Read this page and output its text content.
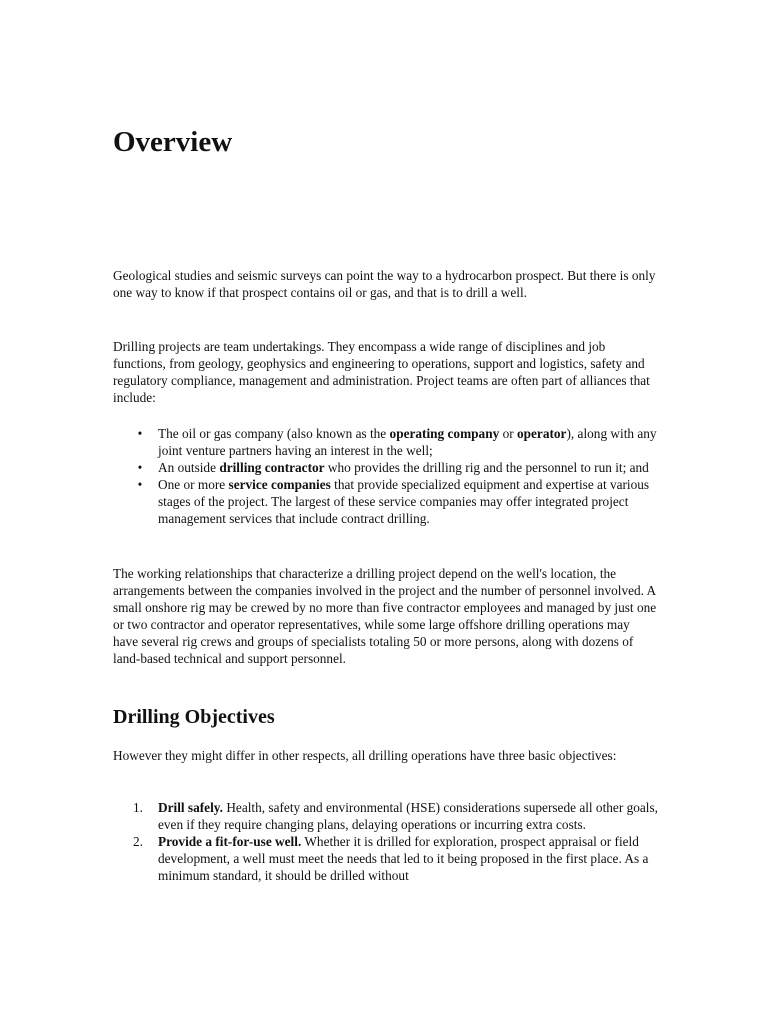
Overview

Geological studies and seismic surveys can point the way to a hydrocarbon prospect. But there is only one way to know if that prospect contains oil or gas, and that is to drill a well.

Drilling projects are team undertakings. They encompass a wide range of disciplines and job functions, from geology, geophysics and engineering to operations, support and logistics, safety and regulatory compliance, management and administration. Project teams are often part of alliances that include:

•	The oil or gas company (also known as the operating company or operator), along with any joint venture partners having an interest in the well;
•	An outside drilling contractor who provides the drilling rig and the personnel to run it; and
•	One or more service companies that provide specialized equipment and expertise at various stages of the project. The largest of these service companies may offer integrated project management services that include contract drilling.

The working relationships that characterize a drilling project depend on the well's location, the arrangements between the companies involved in the project and the number of personnel involved. A small onshore rig may be crewed by no more than five contractor employees and managed by just one or two contractor and operator representatives, while some large offshore drilling operations may have several rig crews and groups of specialists totaling 50 or more persons, along with dozens of land-based technical and support personnel.

Drilling Objectives

However they might differ in other respects, all drilling operations have three basic objectives:

1.	Drill safely. Health, safety and environmental (HSE) considerations supersede all other goals, even if they require changing plans, delaying operations or incurring extra costs.
2.	Provide a fit-for-use well. Whether it is drilled for exploration, prospect appraisal or field development, a well must meet the needs that led to it being proposed in the first place. As a minimum standard, it should be drilled without
